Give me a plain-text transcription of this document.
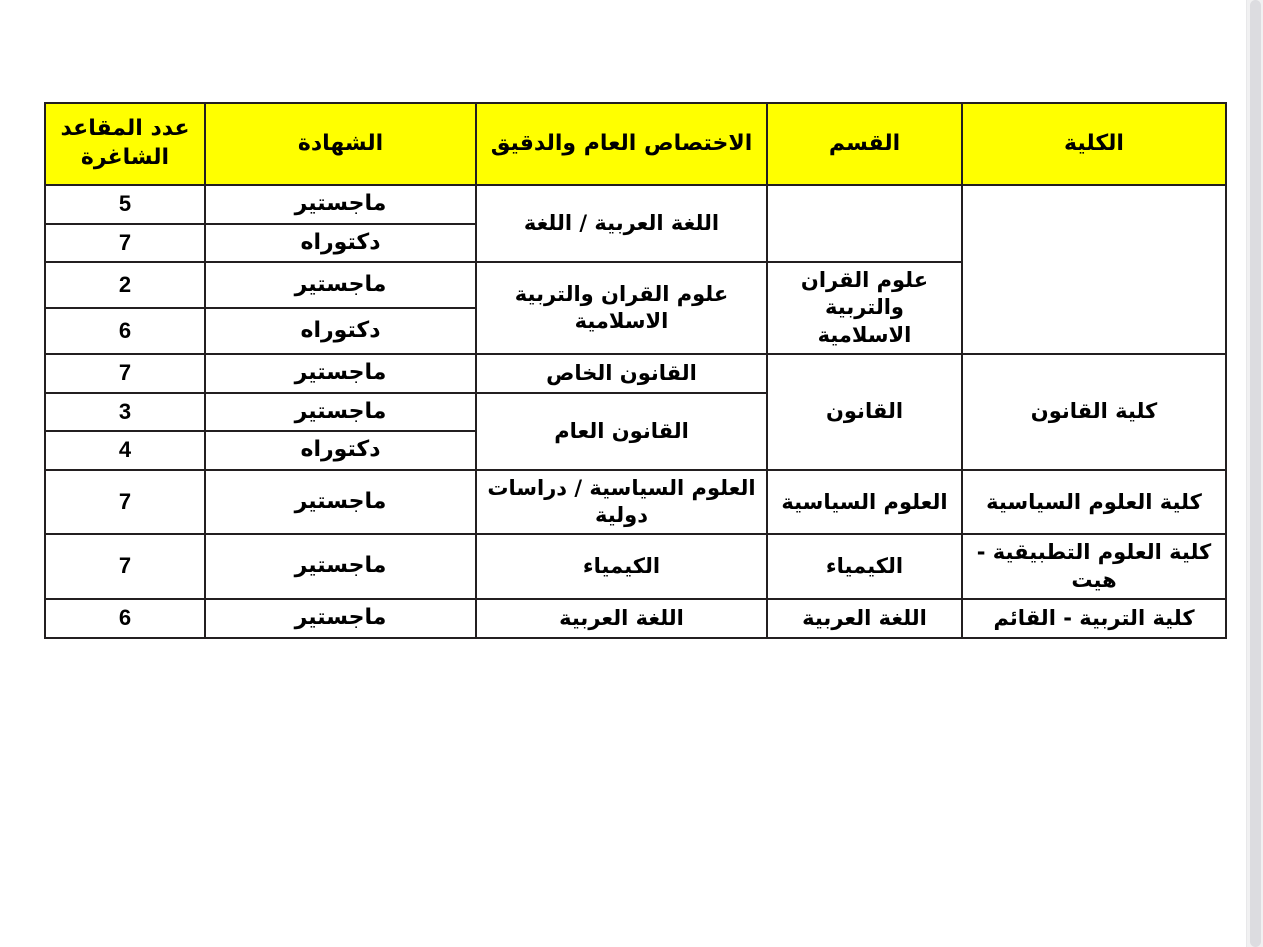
الكلية	القسم	الاختصاص العام والدقيق	الشهادة	عدد المقاعد الشاغرة
		اللغة العربية / اللغة	ماجستير	5
			دكتوراه	7
	علوم القران والتربية الاسلامية	علوم القران والتربية الاسلامية	ماجستير	2
			دكتوراه	6
كلية القانون	القانون	القانون الخاص	ماجستير	7
		القانون العام	ماجستير	3
			دكتوراه	4
كلية العلوم السياسية	العلوم السياسية	العلوم السياسية / دراسات دولية	ماجستير	7
كلية العلوم التطبيقية - هيت	الكيمياء	الكيمياء	ماجستير	7
كلية التربية - القائم	اللغة العربية	اللغة العربية	ماجستير	6
